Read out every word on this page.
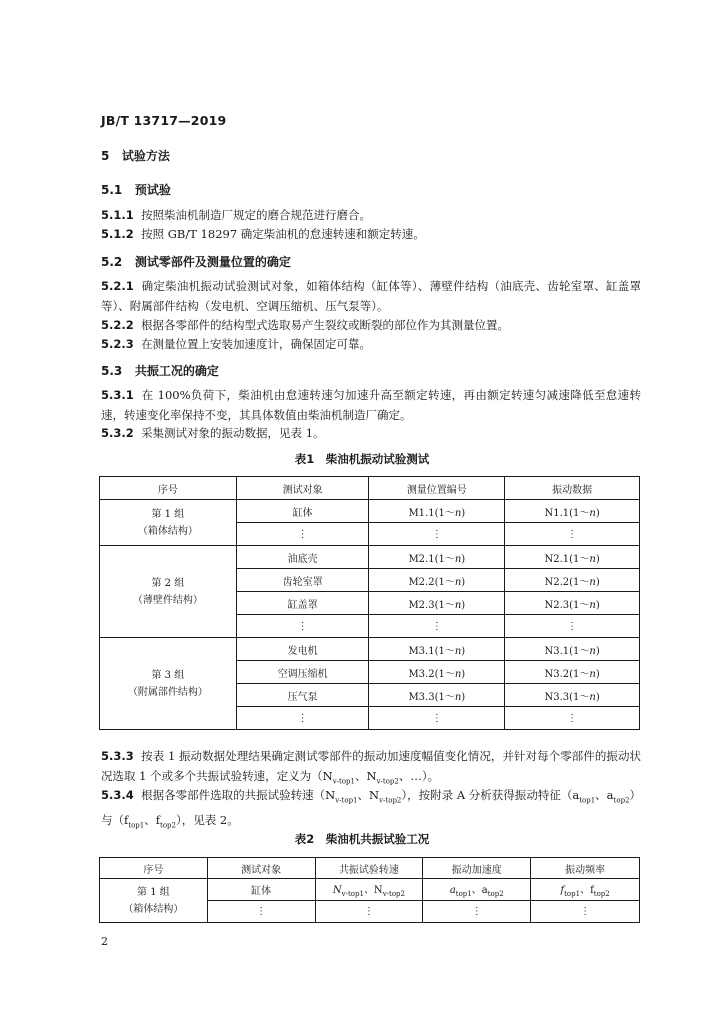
JB/T 13717—2019
5 试验方法
5.1 预试验
5.1.1 按照柴油机制造厂规定的磨合规范进行磨合。
5.1.2 按照 GB/T 18297 确定柴油机的怠速转速和额定转速。
5.2 测试零部件及测量位置的确定
5.2.1 确定柴油机振动试验测试对象，如箱体结构（缸体等）、薄壁件结构（油底壳、齿轮室罩、缸盖罩等）、附属部件结构（发电机、空调压缩机、压气泵等）。
5.2.2 根据各零部件的结构型式选取易产生裂纹或断裂的部位作为其测量位置。
5.2.3 在测量位置上安装加速度计，确保固定可靠。
5.3 共振工况的确定
5.3.1 在 100%负荷下，柴油机由怠速转速匀加速升高至额定转速，再由额定转速匀减速降低至怠速转速，转速变化率保持不变，其具体数值由柴油机制造厂确定。
5.3.2 采集测试对象的振动数据，见表 1。
表1　柴油机振动试验测试
序号	测试对象	测量位置编号	振动数据
第 1 组
（箱体结构）	缸体	M1.1(1～n)	N1.1(1～n)
	⋮	⋮	⋮
第 2 组
（薄壁件结构）	油底壳	M2.1(1～n)	N2.1(1～n)
	齿轮室罩	M2.2(1～n)	N2.2(1～n)
	缸盖罩	M2.3(1～n)	N2.3(1～n)
	⋮	⋮	⋮
第 3 组
（附属部件结构）	发电机	M3.1(1～n)	N3.1(1～n)
	空调压缩机	M3.2(1～n)	N3.2(1～n)
	压气泵	M3.3(1～n)	N3.3(1～n)
	⋮	⋮	⋮
5.3.3 按表 1 振动数据处理结果确定测试零部件的振动加速度幅值变化情况，并针对每个零部件的振动状况选取 1 个或多个共振试验转速，定义为（$N_{v-top1}$、$N_{v-top2}$、…）。
5.3.4 根据各零部件选取的共振试验转速（$N_{v-top1}$、$N_{v-top2}$），按附录 A 分析获得振动特征（$a_{top1}$、$a_{top2}$）与（$f_{top1}$、$f_{top2}$），见表 2。
表2　柴油机共振试验工况
序号	测试对象	共振试验转速	振动加速度	振动频率
第 1 组
（箱体结构）	缸体	$N_{v-top1}$、$N_{v-top2}$	$a_{top1}$、$a_{top2}$	$f_{top1}$、$f_{top2}$
	⋮	⋮	⋮	⋮
2
